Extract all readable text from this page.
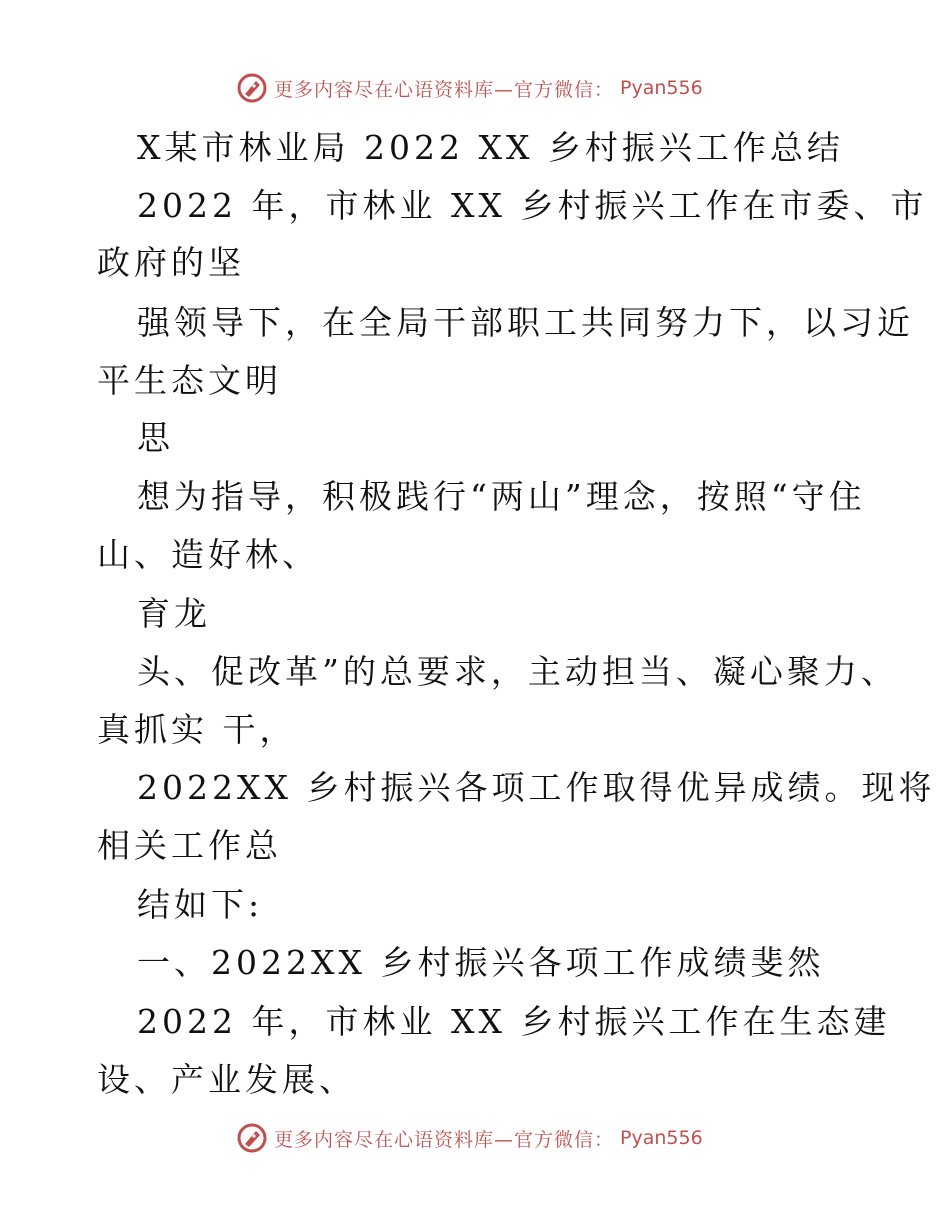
更多内容尽在心语资料库—官方微信： Pyan556
X某市林业局 2022 XX 乡村振兴工作总结
2022 年，市林业 XX 乡村振兴工作在市委、市
政府的坚
强领导下，在全局干部职工共同努力下，以习近
平生态文明
思
想为指导，积极践行“两山”理念，按照“守住
山、造好林、
育龙
头、促改革”的总要求，主动担当、凝心聚力、
真抓实 干，
2022XX 乡村振兴各项工作取得优异成绩。现将
相关工作总
结如下:
一、2022XX 乡村振兴各项工作成绩斐然
2022 年，市林业 XX 乡村振兴工作在生态建
设、产业发展、
更多内容尽在心语资料库—官方微信： Pyan556
